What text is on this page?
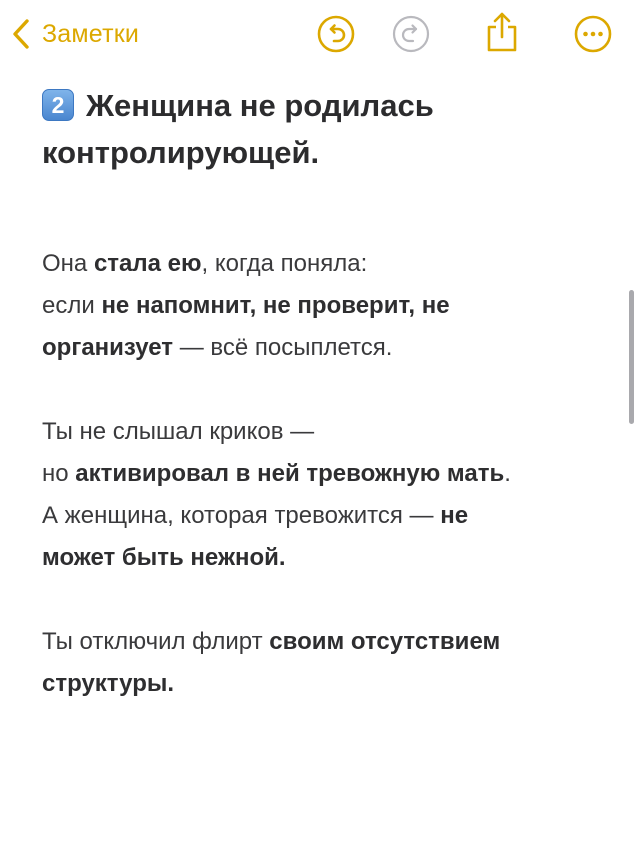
Заметки
2 Женщина не родилась
контролирующей.

Она стала ею, когда поняла:
если не напомнит, не проверит, не
организует — всё посыплется.

Ты не слышал криков —
но активировал в ней тревожную мать.
А женщина, которая тревожится — не
может быть нежной.

Ты отключил флирт своим отсутствием
структуры.
